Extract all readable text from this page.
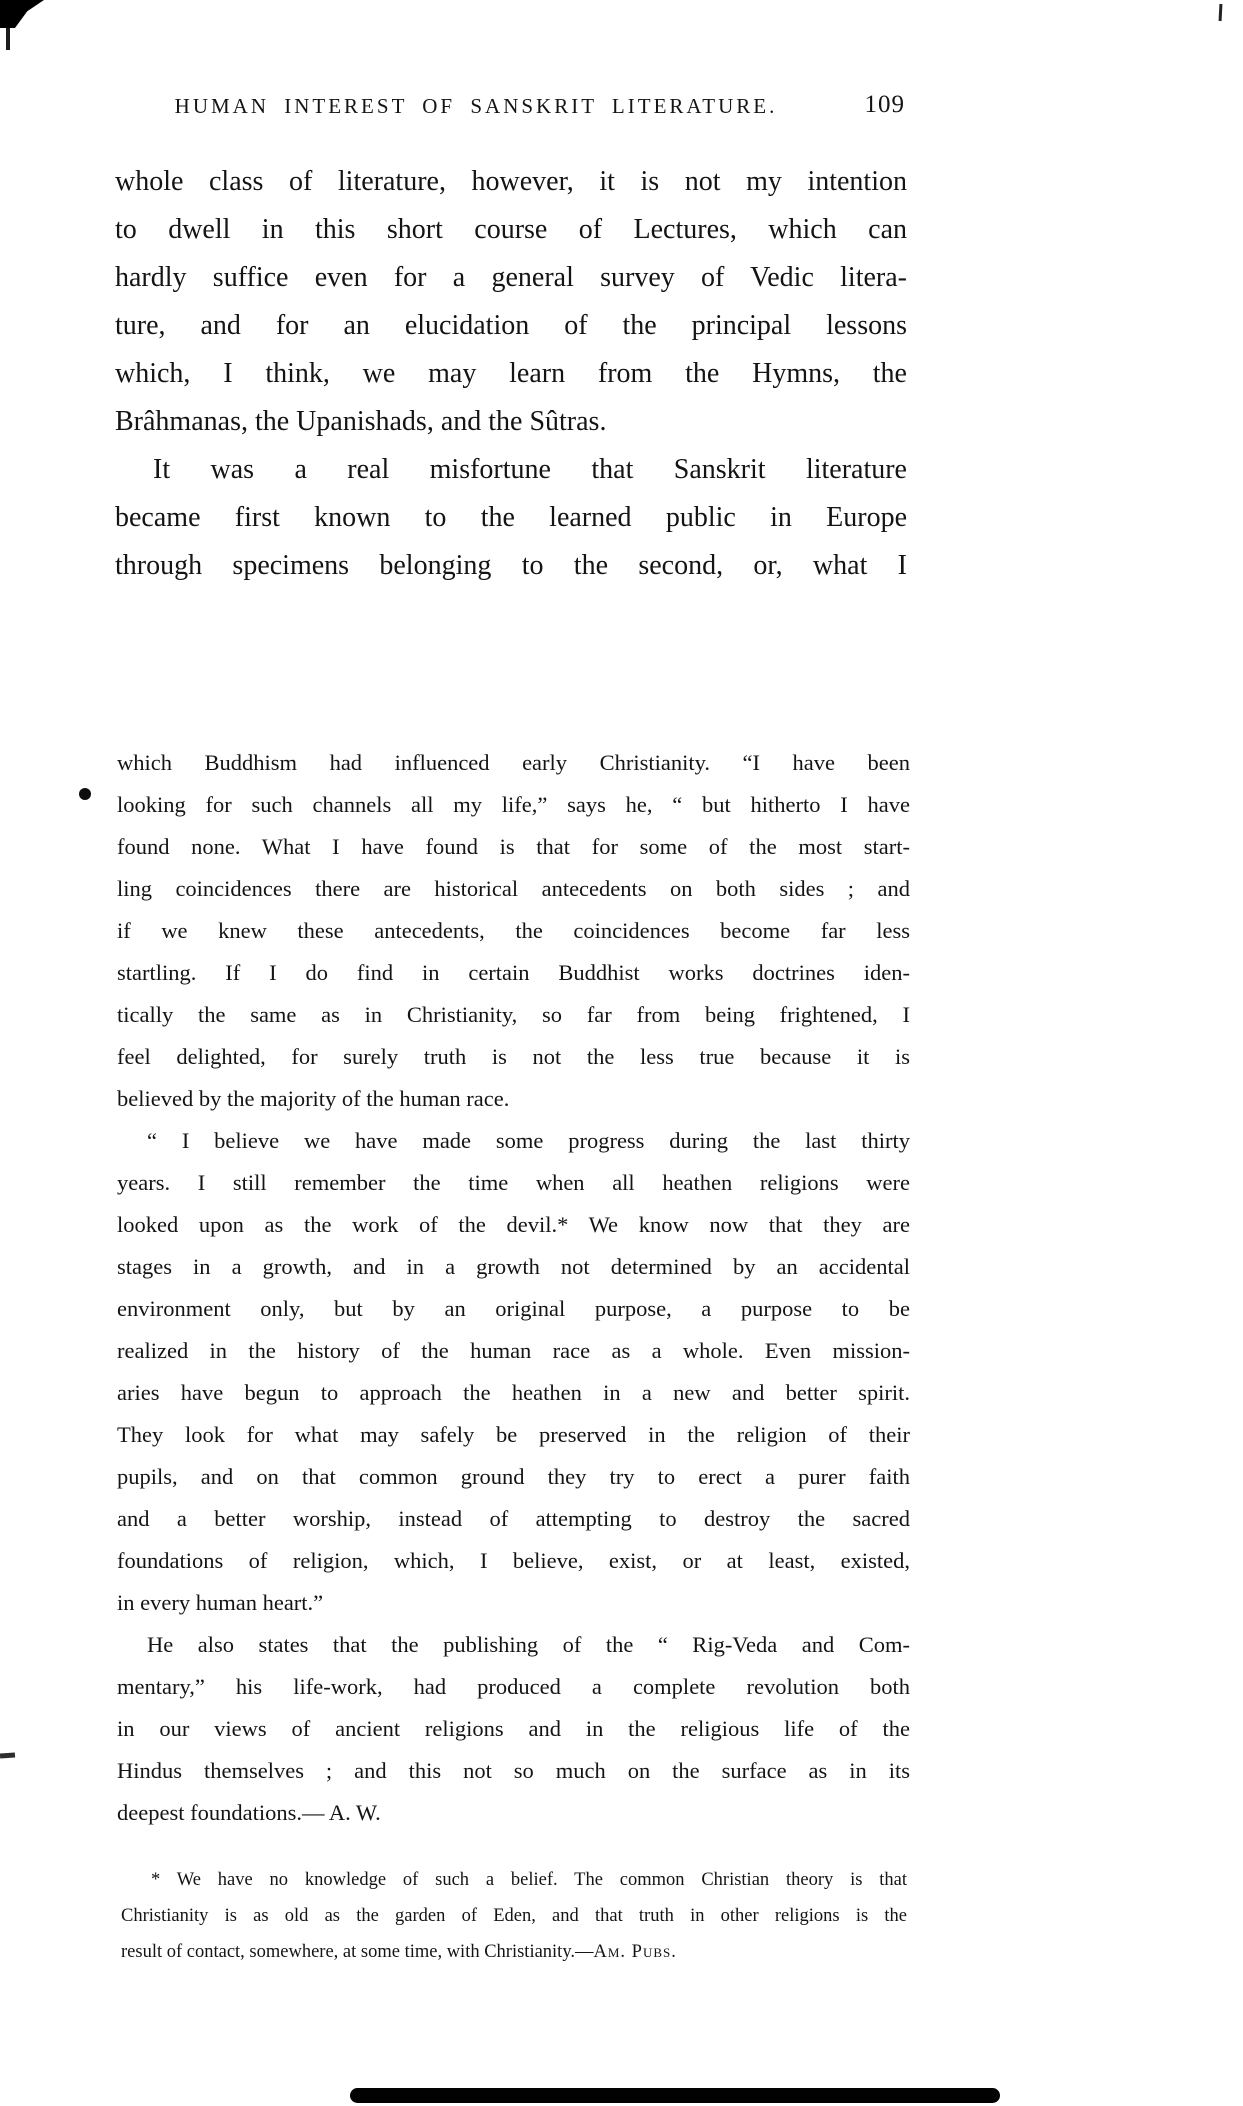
HUMAN INTEREST OF SANSKRIT LITERATURE.	109
whole class of literature, however, it is not my intention
to dwell in this short course of Lectures, which can
hardly suffice even for a general survey of Vedic litera-
ture, and for an elucidation of the principal lessons
which, I think, we may learn from the Hymns, the
Brâhmanas, the Upanishads, and the Sûtras.
It was a real misfortune that Sanskrit literature
became first known to the learned public in Europe
through specimens belonging to the second, or, what I
which Buddhism had influenced early Christianity. “I have been
looking for such channels all my life,” says he, “ but hitherto I have
found none. What I have found is that for some of the most start-
ling coincidences there are historical antecedents on both sides ; and
if we knew these antecedents, the coincidences become far less
startling. If I do find in certain Buddhist works doctrines iden-
tically the same as in Christianity, so far from being frightened, I
feel delighted, for surely truth is not the less true because it is
believed by the majority of the human race.
“ I believe we have made some progress during the last thirty
years. I still remember the time when all heathen religions were
looked upon as the work of the devil.* We know now that they are
stages in a growth, and in a growth not determined by an accidental
environment only, but by an original purpose, a purpose to be
realized in the history of the human race as a whole. Even mission-
aries have begun to approach the heathen in a new and better spirit.
They look for what may safely be preserved in the religion of their
pupils, and on that common ground they try to erect a purer faith
and a better worship, instead of attempting to destroy the sacred
foundations of religion, which, I believe, exist, or at least, existed,
in every human heart.”
He also states that the publishing of the “ Rig-Veda and Com-
mentary,” his life-work, had produced a complete revolution both
in our views of ancient religions and in the religious life of the
Hindus themselves ; and this not so much on the surface as in its
deepest foundations.— A. W.
* We have no knowledge of such a belief. The common Christian theory is that
Christianity is as old as the garden of Eden, and that truth in other religions is the
result of contact, somewhere, at some time, with Christianity.—Am. Pubs.
